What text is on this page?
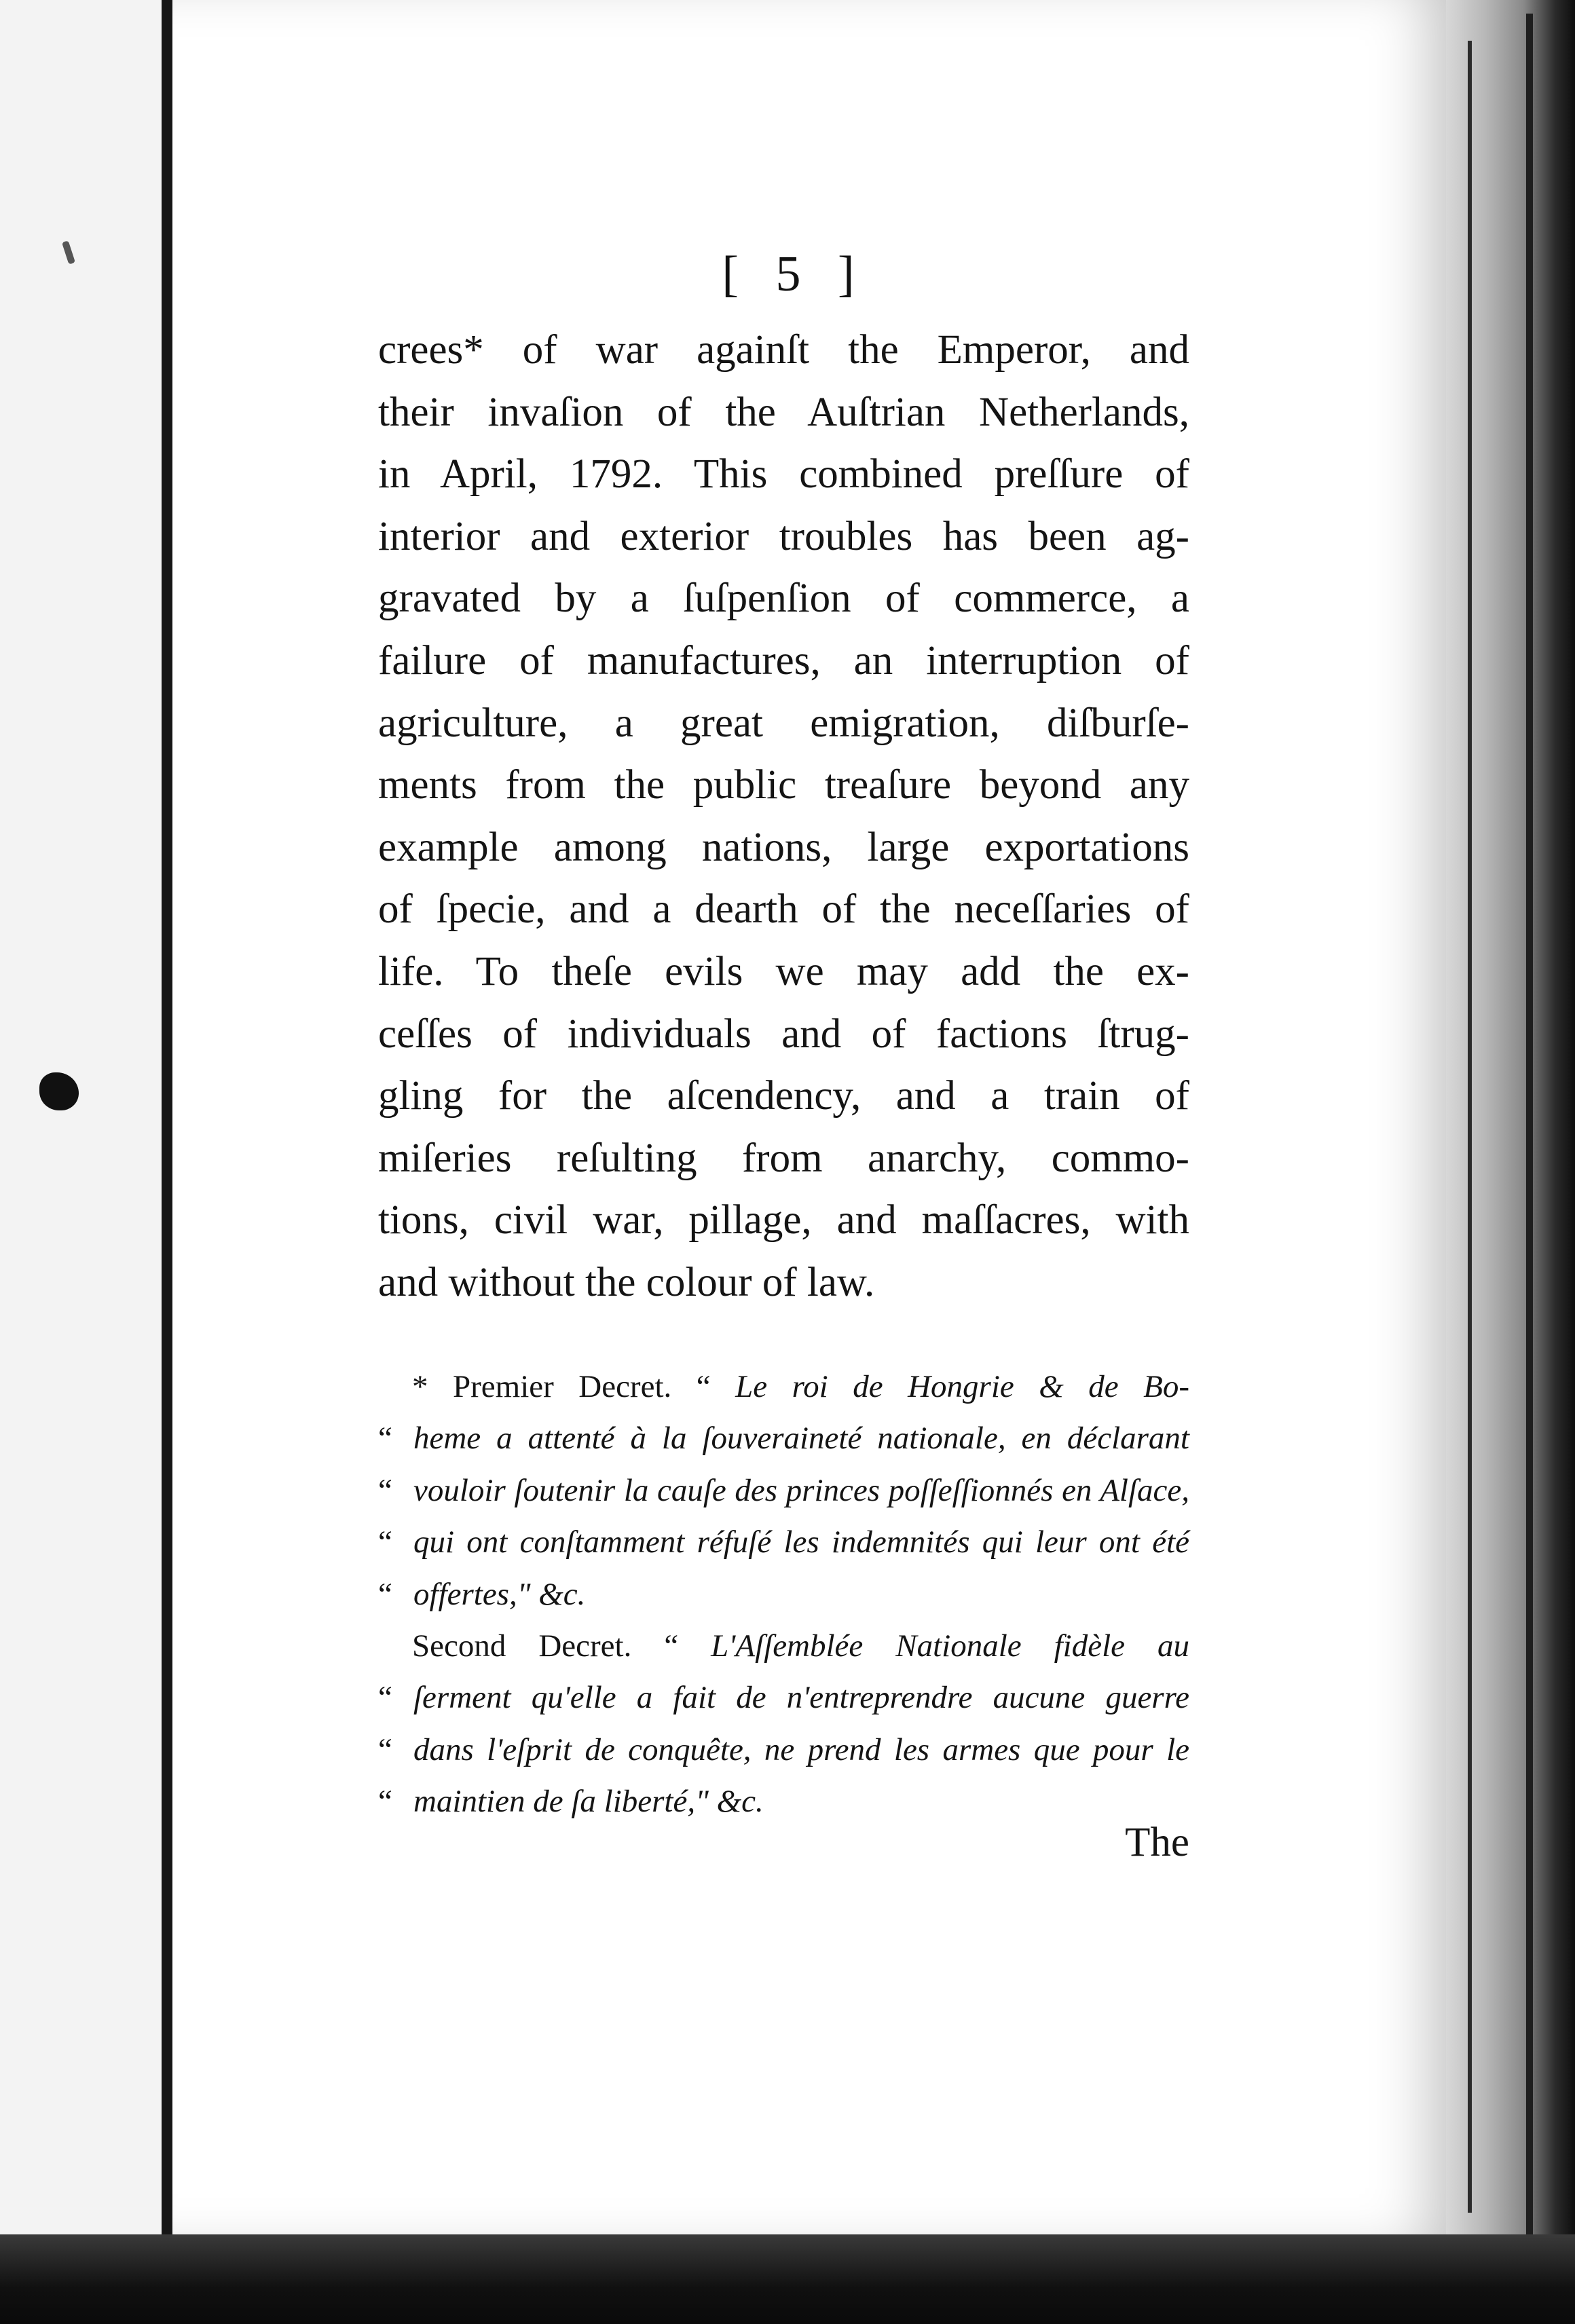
[ 5 ]
crees* of war againſt the Emperor, and
their invaſion of the Auſtrian Netherlands,
in April, 1792. This combined preſſure of
interior and exterior troubles has been ag-
gravated by a ſuſpenſion of commerce, a
failure of manufactures, an interruption of
agriculture, a great emigration, diſburſe-
ments from the public treaſure beyond any
example among nations, large exportations
of ſpecie, and a dearth of the neceſſaries of
life. To theſe evils we may add the ex-
ceſſes of individuals and of factions ſtrug-
gling for the aſcendency, and a train of
miſeries reſulting from anarchy, commo-
tions, civil war, pillage, and maſſacres, with
and without the colour of law.
* Premier Decret. “ Le roi de Hongrie & de Bo-
“ heme a attenté à la ſouveraineté nationale, en déclarant
“ vouloir ſoutenir la cauſe des princes poſſeſſionnés en Alſace,
“ qui ont conſtamment réfuſé les indemnités qui leur ont été
“ offertes," &c.
Second Decret. “ L'Aſſemblée Nationale fidèle au
“ ſerment qu'elle a fait de n'entreprendre aucune guerre
“ dans l'eſprit de conquête, ne prend les armes que pour le
“ maintien de ſa liberté," &c.
The
